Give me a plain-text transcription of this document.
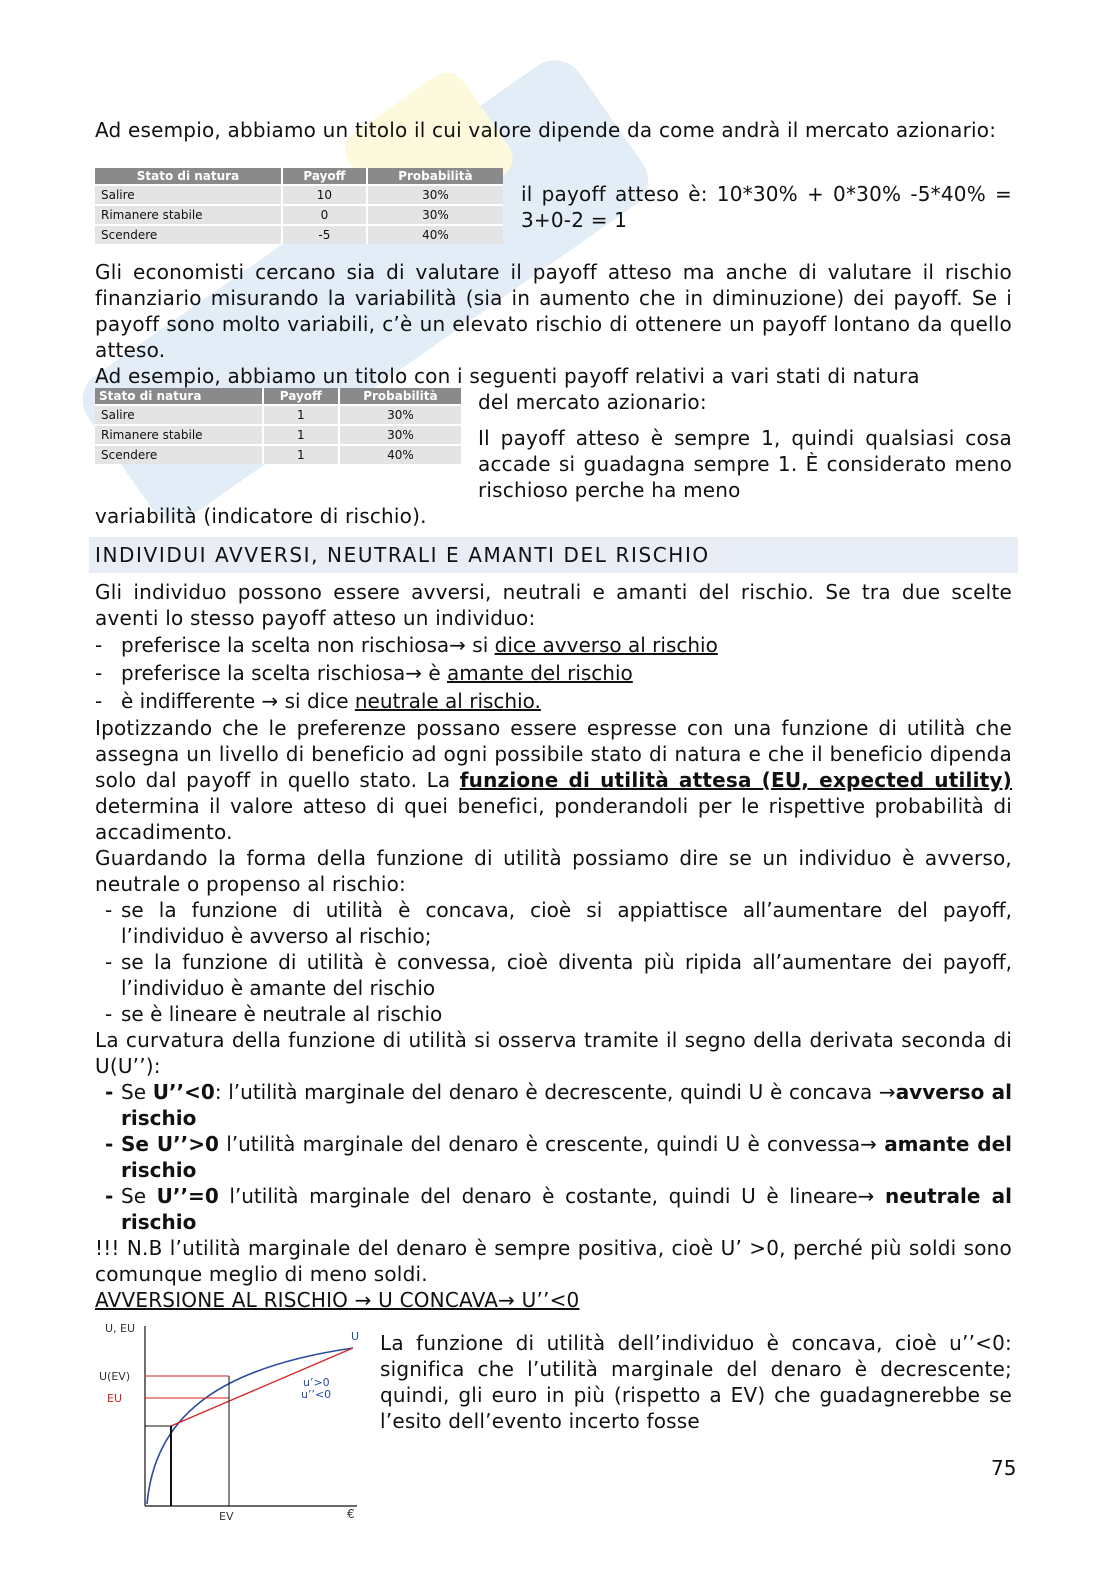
Ad esempio, abbiamo un titolo il cui valore dipende da come andrà il mercato azionario:

Stato di natura	Payoff	Probabilità
Salire	10	30%
Rimanere stabile	0	30%
Scendere	-5	40%

il payoff atteso è: 10*30% + 0*30% -5*40% = 3+0-2 = 1

Gli economisti cercano sia di valutare il payoff atteso ma anche di valutare il rischio finanziario misurando la variabilità (sia in aumento che in diminuzione) dei payoff. Se i payoff sono molto variabili, c’è un elevato rischio di ottenere un payoff lontano da quello atteso.

Ad esempio, abbiamo un titolo con i seguenti payoff relativi a vari stati di natura

Stato di natura	Payoff	Probabilità
Salire	1	30%
Rimanere stabile	1	30%
Scendere	1	40%

del mercato azionario:

Il payoff atteso è sempre 1, quindi qualsiasi cosa accade si guadagna sempre 1. È considerato meno rischioso perche ha meno

variabilità (indicatore di rischio).

INDIVIDUI AVVERSI, NEUTRALI E AMANTI DEL RISCHIO

Gli individuo possono essere avversi, neutrali e amanti del rischio. Se tra due scelte aventi lo stesso payoff atteso un individuo:

- preferisce la scelta non rischiosa→ si dice avverso al rischio
- preferisce la scelta rischiosa→ è amante del rischio
- è indifferente → si dice neutrale al rischio.

Ipotizzando che le preferenze possano essere espresse con una funzione di utilità che assegna un livello di beneficio ad ogni possibile stato di natura e che il beneficio dipenda solo dal payoff in quello stato. La funzione di utilità attesa (EU, expected utility) determina il valore atteso di quei benefici, ponderandoli per le rispettive probabilità di accadimento.

Guardando la forma della funzione di utilità possiamo dire se un individuo è avverso, neutrale o propenso al rischio:

- se la funzione di utilità è concava, cioè si appiattisce all’aumentare del payoff, l’individuo è avverso al rischio;
- se la funzione di utilità è convessa, cioè diventa più ripida all’aumentare dei payoff, l’individuo è amante del rischio
- se è lineare è neutrale al rischio

La curvatura della funzione di utilità si osserva tramite il segno della derivata seconda di U(U’’):

- Se U’’<0: l’utilità marginale del denaro è decrescente, quindi U è concava →avverso al rischio
- Se U’’>0 l’utilità marginale del denaro è crescente, quindi U è convessa→ amante del rischio
- Se U’’=0 l’utilità marginale del denaro è costante, quindi U è lineare→ neutrale al rischio

!!! N.B l’utilità marginale del denaro è sempre positiva, cioè U’ >0, perché più soldi sono comunque meglio di meno soldi.

AVVERSIONE AL RISCHIO → U CONCAVA→ U’’<0

U, EU
U
U(EV)
EU
u’>0
u’’<0
EV	€

La funzione di utilità dell’individuo è concava, cioè u’’<0: significa che l’utilità marginale del denaro è decrescente; quindi, gli euro in più (rispetto a EV) che guadagnerebbe se l’esito dell’evento incerto fosse

75
